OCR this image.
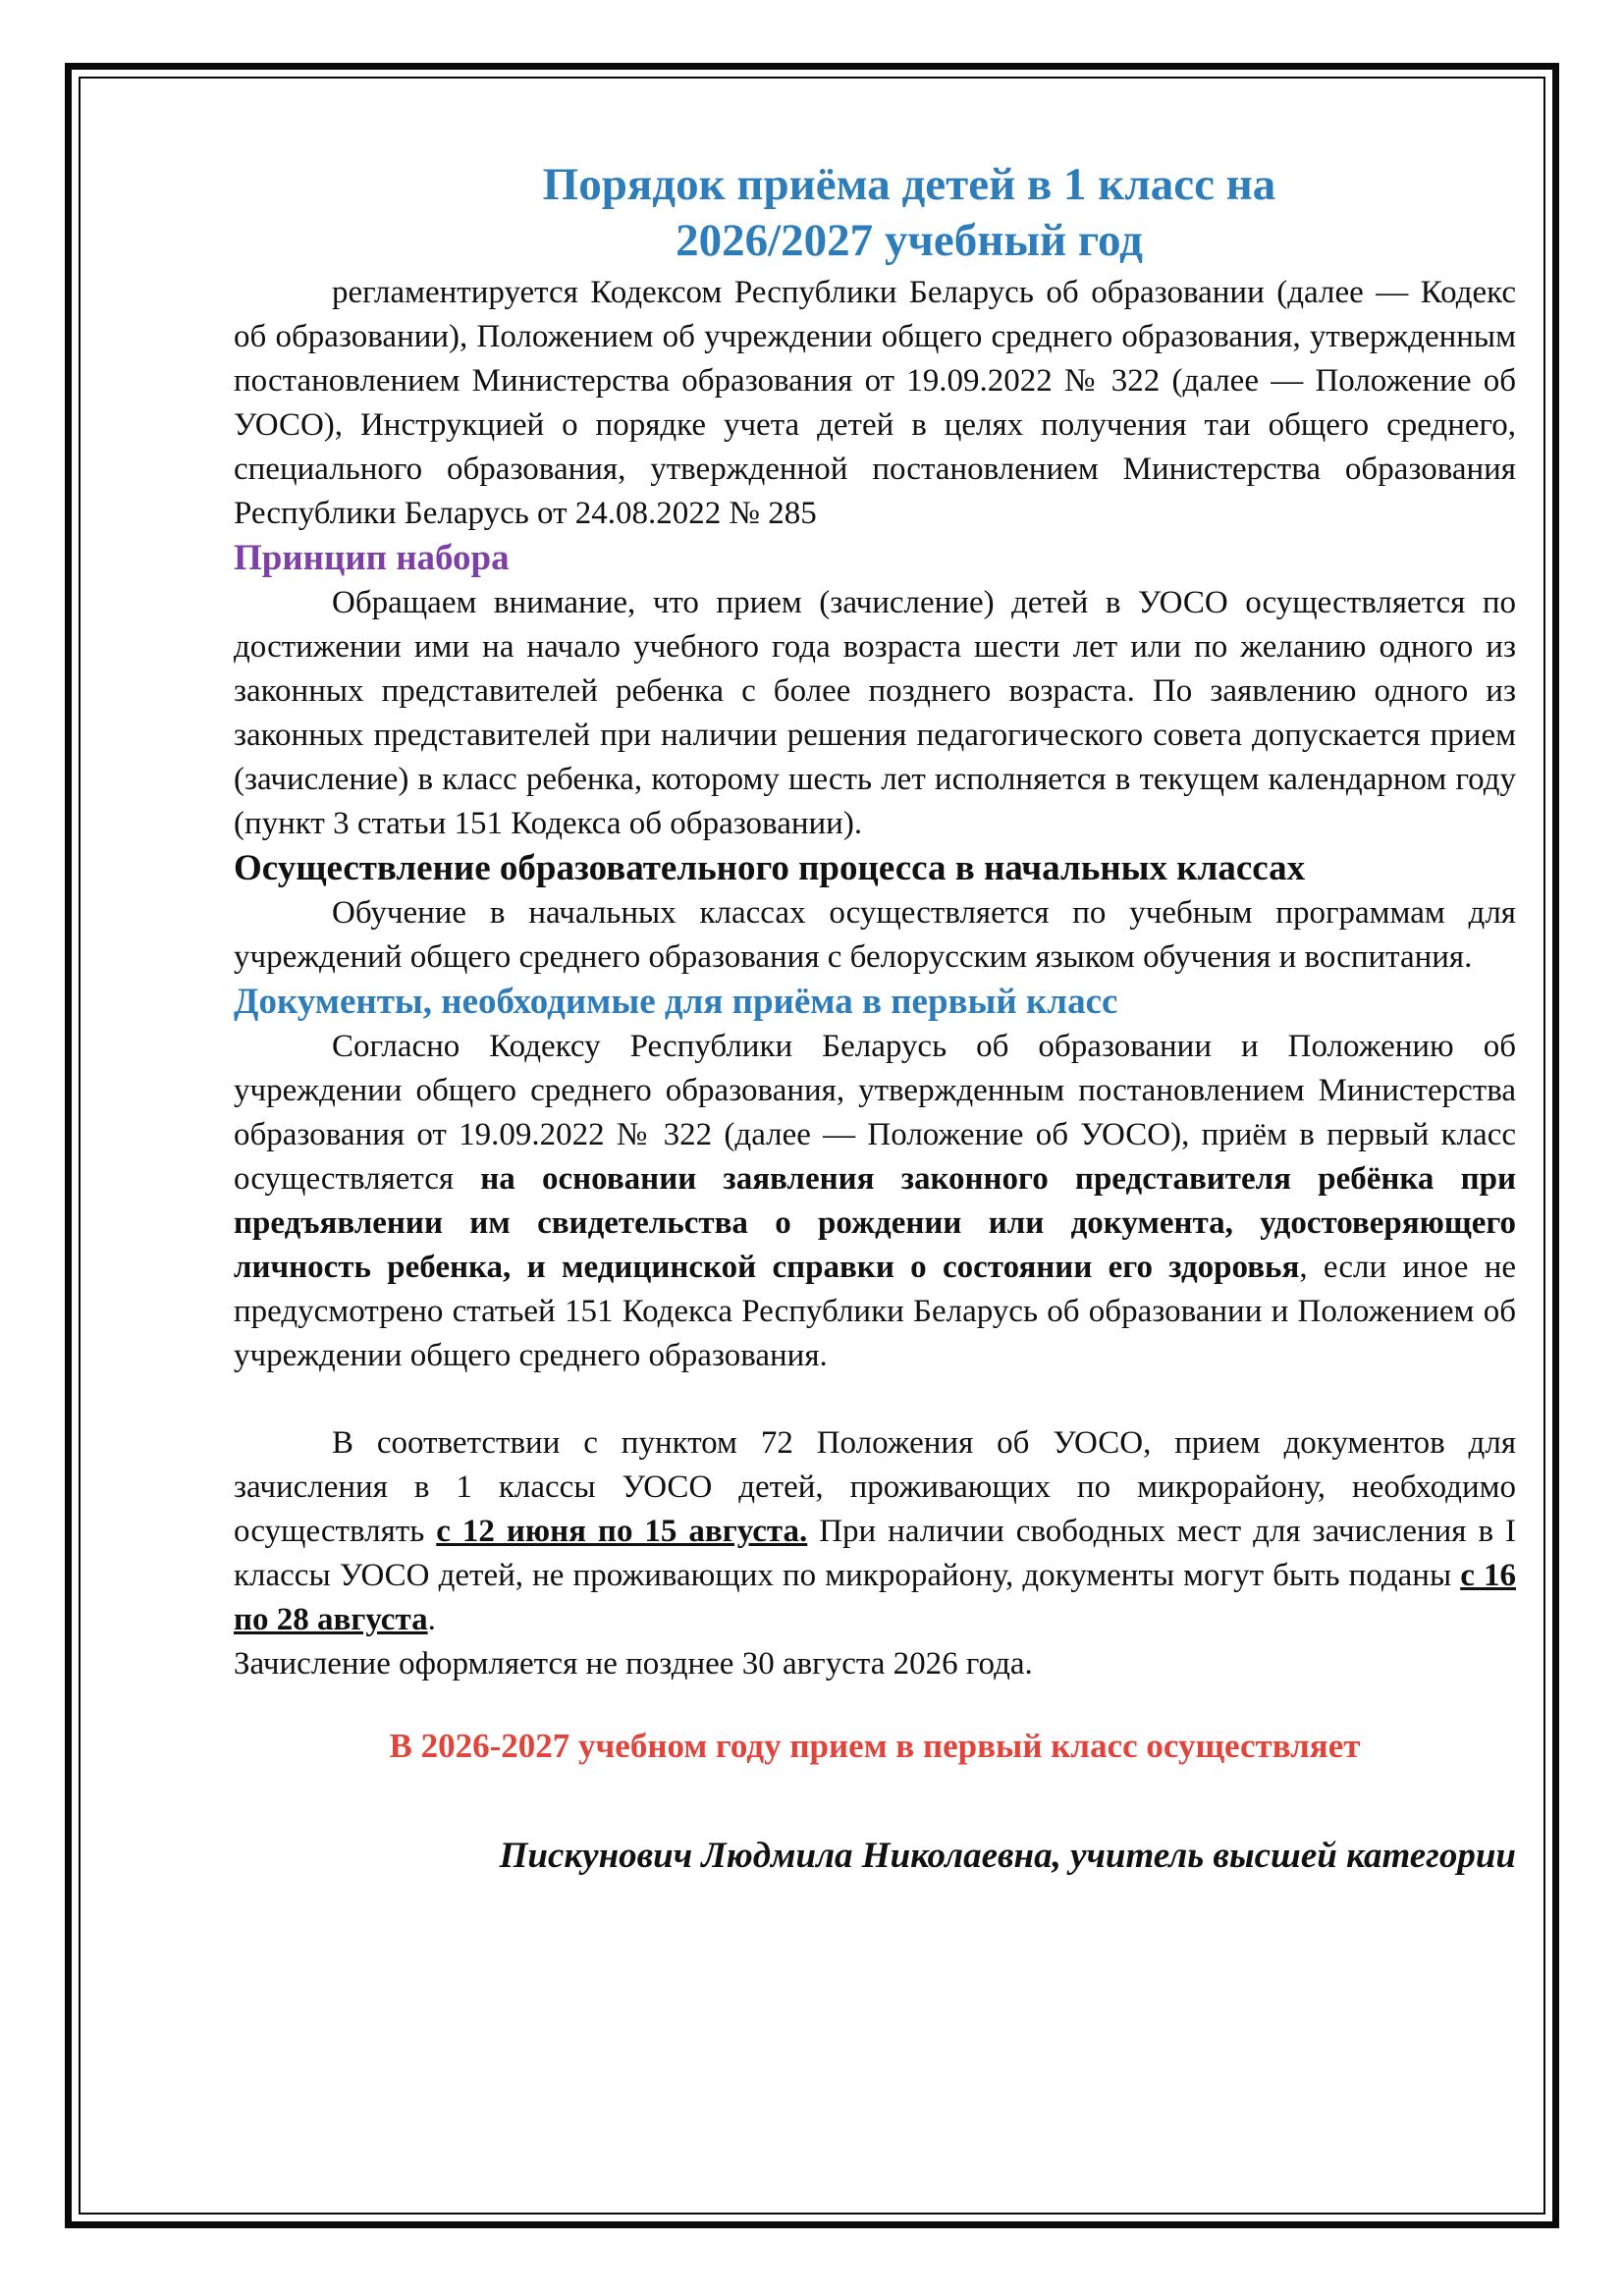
Порядок приёма детей в 1 класс на
2026/2027 учебный год

регламентируется Кодексом Республики Беларусь об образовании (далее — Кодекс об образовании), Положением об учреждении общего среднего образования, утвержденным постановлением Министерства образования от 19.09.2022 № 322 (далее — Положение об УОСО), Инструкцией о порядке учета детей в целях получения таи общего среднего, специального образования, утвержденной постановлением Министерства образования Республики Беларусь от 24.08.2022 № 285

Принцип набора

Обращаем внимание, что прием (зачисление) детей в УОСО осуществляется по достижении ими на начало учебного года возраста шести лет или по желанию одного из законных представителей ребенка с более позднего возраста. По заявлению одного из законных представителей при наличии решения педагогического совета допускается прием (зачисление) в класс ребенка, которому шесть лет исполняется в текущем календарном году (пункт 3 статьи 151 Кодекса об образовании).

Осуществление образовательного процесса в начальных классах

Обучение в начальных классах осуществляется по учебным программам для учреждений общего среднего образования с белорусским языком обучения и воспитания.

Документы, необходимые для приёма в первый класс

Согласно Кодексу Республики Беларусь об образовании и Положению об учреждении общего среднего образования, утвержденным постановлением Министерства образования от 19.09.2022 № 322 (далее — Положение об УОСО), приём в первый класс осуществляется на основании заявления законного представителя ребёнка при предъявлении им свидетельства о рождении или документа, удостоверяющего личность ребенка, и медицинской справки о состоянии его здоровья, если иное не предусмотрено статьей 151 Кодекса Республики Беларусь об образовании и Положением об учреждении общего среднего образования.

В соответствии с пунктом 72 Положения об УОСО, прием документов для зачисления в 1 классы УОСО детей, проживающих по микрорайону, необходимо осуществлять с 12 июня по 15 августа. При наличии свободных мест для зачисления в I классы УОСО детей, не проживающих по микрорайону, документы могут быть поданы с 16 по 28 августа.

Зачисление оформляется не позднее 30 августа 2026 года.

В 2026-2027 учебном году прием в первый класс осуществляет
Пискунович Людмила Николаевна, учитель высшей категории
